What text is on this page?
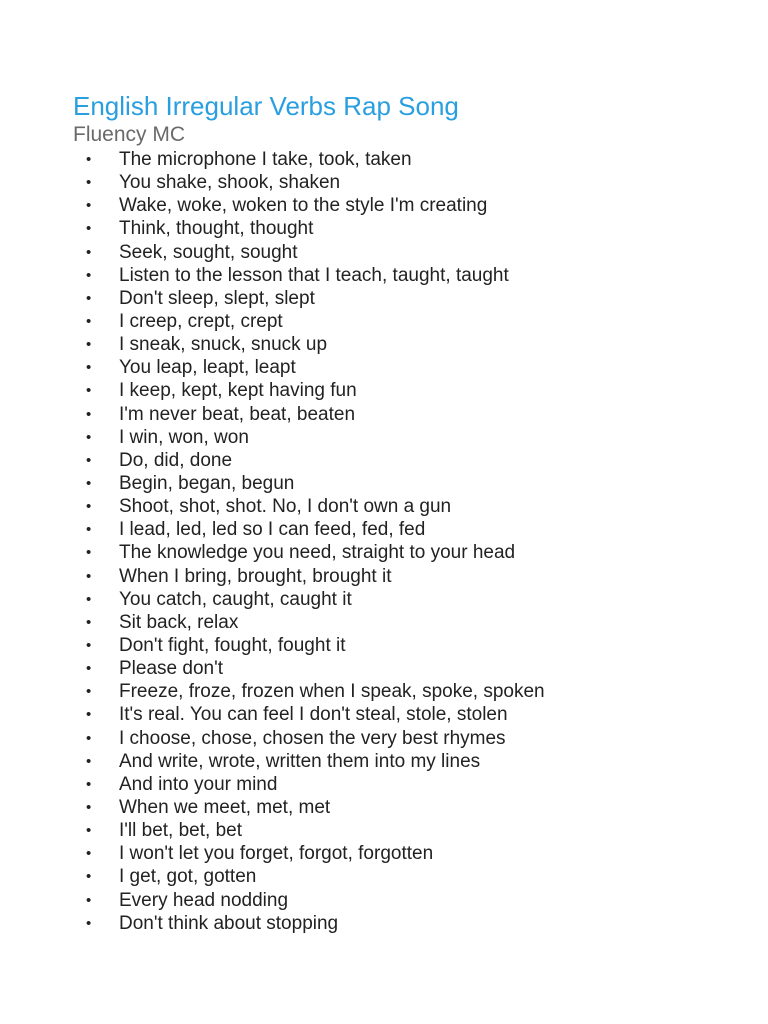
English Irregular Verbs Rap Song
Fluency MC
• The microphone I take, took, taken
• You shake, shook, shaken
• Wake, woke, woken to the style I'm creating
• Think, thought, thought
• Seek, sought, sought
• Listen to the lesson that I teach, taught, taught
• Don't sleep, slept, slept
• I creep, crept, crept
• I sneak, snuck, snuck up
• You leap, leapt, leapt
• I keep, kept, kept having fun
• I'm never beat, beat, beaten
• I win, won, won
• Do, did, done
• Begin, began, begun
• Shoot, shot, shot. No, I don't own a gun
• I lead, led, led so I can feed, fed, fed
• The knowledge you need, straight to your head
• When I bring, brought, brought it
• You catch, caught, caught it
• Sit back, relax
• Don't fight, fought, fought it
• Please don't
• Freeze, froze, frozen when I speak, spoke, spoken
• It's real. You can feel I don't steal, stole, stolen
• I choose, chose, chosen the very best rhymes
• And write, wrote, written them into my lines
• And into your mind
• When we meet, met, met
• I'll bet, bet, bet
• I won't let you forget, forgot, forgotten
• I get, got, gotten
• Every head nodding
• Don't think about stopping
